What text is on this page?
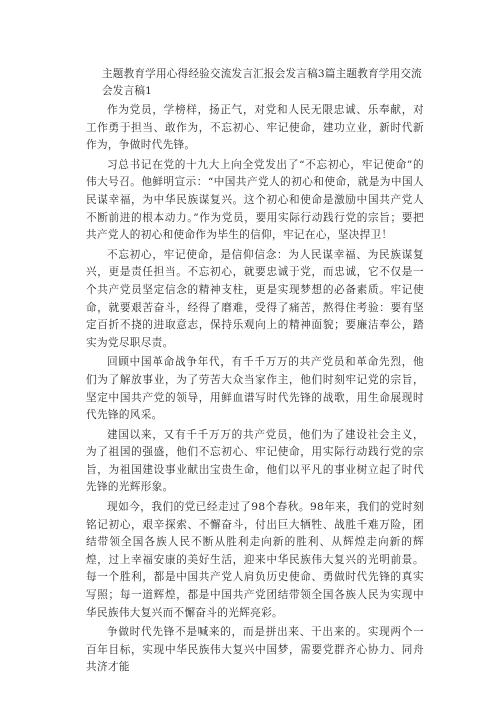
主题教育学用心得经验交流发言汇报会发言稿3篇主题教育学用交流会发言稿1

作为党员，学榜样，扬正气，对党和人民无限忠诚、乐奉献，对工作勇于担当、敢作为，不忘初心、牢记使命，建功立业，新时代新作为，争做时代先锋。

习总书记在党的十九大上向全党发出了“不忘初心，牢记使命”的伟大号召。他鲜明宣示：“中国共产党人的初心和使命，就是为中国人民谋幸福，为中华民族谋复兴。这个初心和使命是激励中国共产党人不断前进的根本动力。”作为党员，要用实际行动践行党的宗旨；要把共产党人的初心和使命作为毕生的信仰，牢记在心，坚决捍卫！

不忘初心，牢记使命，是信仰信念：为人民谋幸福、为民族谋复兴，更是责任担当。不忘初心，就要忠诚于党，而忠诚，它不仅是一个共产党员坚定信念的精神支柱，更是实现梦想的必备素质。牢记使命，就要艰苦奋斗，经得了磨难，受得了痛苦，熬得住考验：要有坚定百折不挠的进取意志，保持乐观向上的精神面貌；要廉洁奉公，踏实为党尽职尽责。

回顾中国革命战争年代，有千千万万的共产党员和革命先烈，他们为了解放事业，为了劳苦大众当家作主，他们时刻牢记党的宗旨，坚定中国共产党的领导，用鲜血谱写时代先锋的战歌，用生命展现时代先锋的风采。

建国以来，又有千千万万的共产党员，他们为了建设社会主义，为了祖国的强盛，他们不忘初心、牢记使命，用实际行动践行党的宗旨，为祖国建设事业献出宝贵生命，他们以平凡的事业树立起了时代先锋的光辉形象。

现如今，我们的党已经走过了98个春秋。98年来，我们的党时刻铭记初心，艰辛探索、不懈奋斗，付出巨大牺牲、战胜千难万险，团结带领全国各族人民不断从胜利走向新的胜利、从辉煌走向新的辉煌，过上幸福安康的美好生活，迎来中华民族伟大复兴的光明前景。每一个胜利，都是中国共产党人肩负历史使命、勇做时代先锋的真实写照；每一道辉煌，都是中国共产党团结带领全国各族人民为实现中华民族伟大复兴而不懈奋斗的光辉亮彩。

争做时代先锋不是喊来的，而是拼出来、干出来的。实现两个一百年目标，实现中华民族伟大复兴中国梦，需要党群齐心协力、同舟共济才能
